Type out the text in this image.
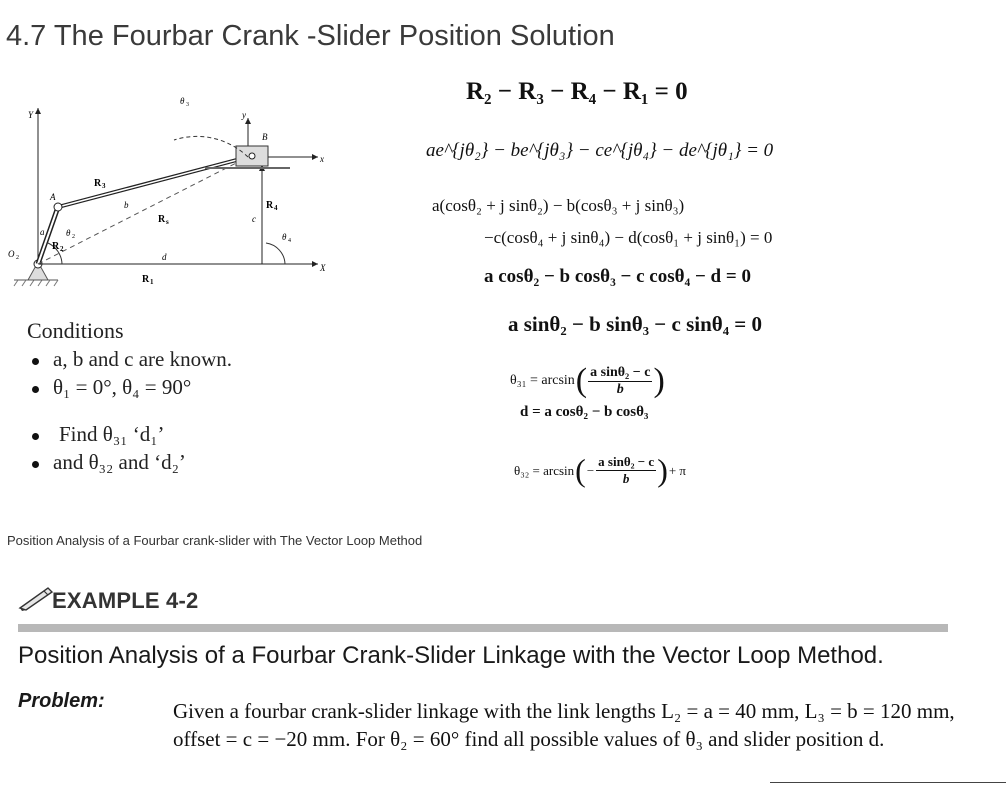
4.7 The Fourbar Crank -Slider Position Solution
Y	y
x
X
O 2
A
B
a
b
c
d
R 3
R 2
R 1
R 4
R s
θ 2
θ 3
θ 4
R₂ − R₃ − R₄ − R₁ = 0
ae^{jθ₂} − be^{jθ₃} − ce^{jθ₄} − de^{jθ₁} = 0
a(cosθ₂ + j sinθ₂) − b(cosθ₃ + j sinθ₃)
−c(cosθ₄ + j sinθ₄) − d(cosθ₁ + j sinθ₁) = 0
a cosθ₂ − b cosθ₃ − c cosθ₄ − d = 0
a sinθ₂ − b sinθ₃ − c sinθ₄ = 0
θ₃₁ = arcsin ( $\frac{\text{a sinθ₂ − c}}{b}$ )
d = a cosθ₂ − b cosθ₃
θ₃₂ = arcsin ( − $\frac{\text{a sinθ₂ − c}}{b}$ ) + π
Conditions
a, b and c are known.
θ₁ = 0°, θ₄ = 90°
Find θ₃₁ ‘d₁’
and θ₃₂ and ‘d₂’
Position Analysis of a Fourbar crank-slider with The Vector Loop Method
EXAMPLE 4-2
Position Analysis of a Fourbar Crank-Slider Linkage with the Vector Loop Method.
Problem:	Given a fourbar crank-slider linkage with the link lengths L₂ = a = 40 mm, L₃ = b = 120 mm, offset = c = −20 mm. For θ₂ = 60° find all possible values of θ₃ and slider position d.
